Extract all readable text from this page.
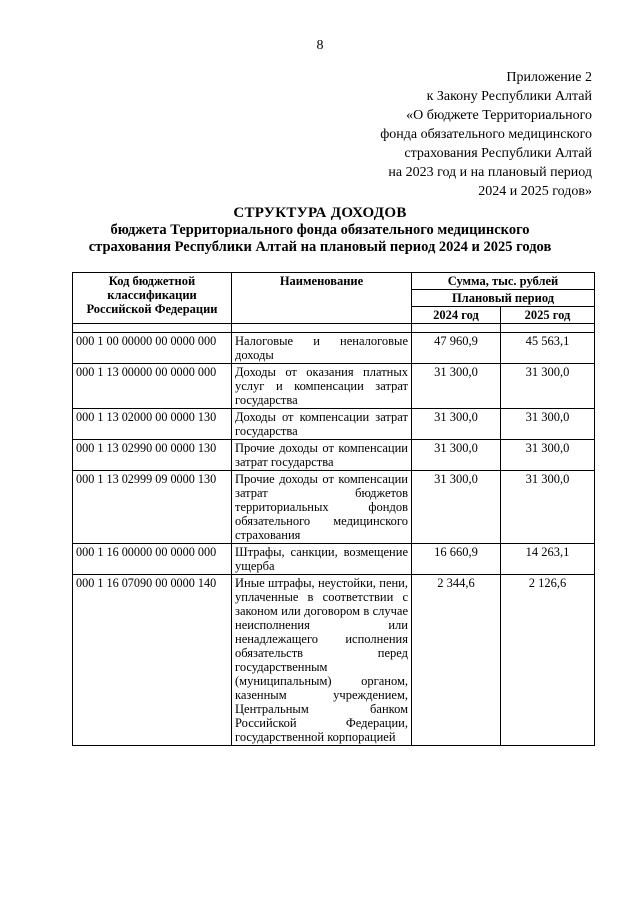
8
Приложение 2
к Закону Республики Алтай
«О бюджете Территориального
фонда обязательного медицинского
страхования Республики Алтай
на 2023 год и на плановый период
2024 и 2025 годов»
СТРУКТУРА ДОХОДОВ
бюджета Территориального фонда обязательного медицинского
страхования Республики Алтай на плановый период 2024 и 2025 годов
Код бюджетной классификации Российской Федерации	Наименование	Сумма, тыс. рублей	
		Плановый период	
		2024 год	2025 год

000 1 00 00000 00 0000 000	Налоговые и неналоговые доходы	47 960,9	45 563,1
000 1 13 00000 00 0000 000	Доходы от оказания платных услуг и компенсации затрат государства	31 300,0	31 300,0
000 1 13 02000 00 0000 130	Доходы от компенсации затрат государства	31 300,0	31 300,0
000 1 13 02990 00 0000 130	Прочие доходы от компенсации затрат государства	31 300,0	31 300,0
000 1 13 02999 09 0000 130	Прочие доходы от компенсации затрат бюджетов территориальных фондов обязательного медицинского страхования	31 300,0	31 300,0
000 1 16 00000 00 0000 000	Штрафы, санкции, возмещение ущерба	16 660,9	14 263,1
000 1 16 07090 00 0000 140	Иные штрафы, неустойки, пени, уплаченные в соответствии с законом или договором в случае неисполнения или ненадлежащего исполнения обязательств перед государственным (муниципальным) органом, казенным учреждением, Центральным банком Российской Федерации, государственной корпорацией	2 344,6	2 126,6
